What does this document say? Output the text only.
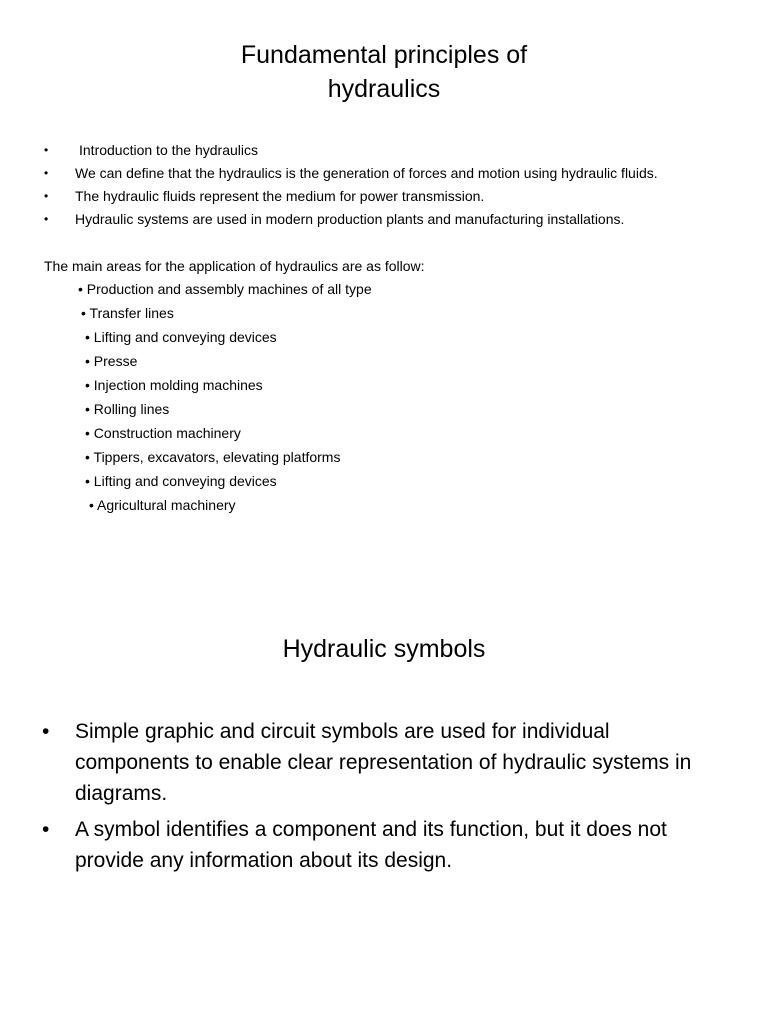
Fundamental principles of
hydraulics
• Introduction to the hydraulics
• We can define that the hydraulics is the generation of forces and motion using hydraulic fluids.
• The hydraulic fluids represent the medium for power transmission.
• Hydraulic systems are used in modern production plants and manufacturing installations.
The main areas for the application of hydraulics are as follow:
• Production and assembly machines of all type
• Transfer lines
• Lifting and conveying devices
• Presse
• Injection molding machines
• Rolling lines
• Construction machinery
• Tippers, excavators, elevating platforms
• Lifting and conveying devices
• Agricultural machinery
Hydraulic symbols
• Simple graphic and circuit symbols are used for individual components to enable clear representation of hydraulic systems in diagrams.
• A symbol identifies a component and its function, but it does not provide any information about its design.
